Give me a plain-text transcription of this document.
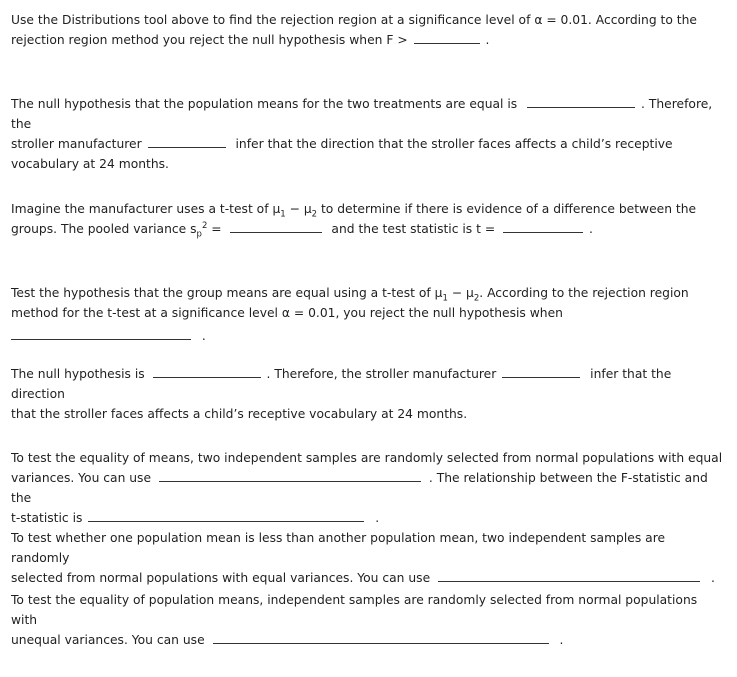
Use the Distributions tool above to find the rejection region at a significance level of α = 0.01. According to the
rejection region method you reject the null hypothesis when F >	.
The null hypothesis that the population means for the two treatments are equal is	. Therefore, the
stroller manufacturer	infer that the direction that the stroller faces affects a child’s receptive
vocabulary at 24 months.
Imagine the manufacturer uses a t-test of $\mu_1 - \mu_2$ to determine if there is evidence of a difference between the
groups. The pooled variance $s_p^2$ =	and the test statistic is t =	.
Test the hypothesis that the group means are equal using a t-test of $\mu_1 - \mu_2$. According to the rejection region
method for the t-test at a significance level α = 0.01, you reject the null hypothesis when
.
The null hypothesis is	. Therefore, the stroller manufacturer	infer that the direction
that the stroller faces affects a child’s receptive vocabulary at 24 months.
To test the equality of means, two independent samples are randomly selected from normal populations with equal
variances. You can use	. The relationship between the F-statistic and the
t-statistic is	.
To test whether one population mean is less than another population mean, two independent samples are randomly
selected from normal populations with equal variances. You can use	.
To test the equality of population means, independent samples are randomly selected from normal populations with
unequal variances. You can use	.
